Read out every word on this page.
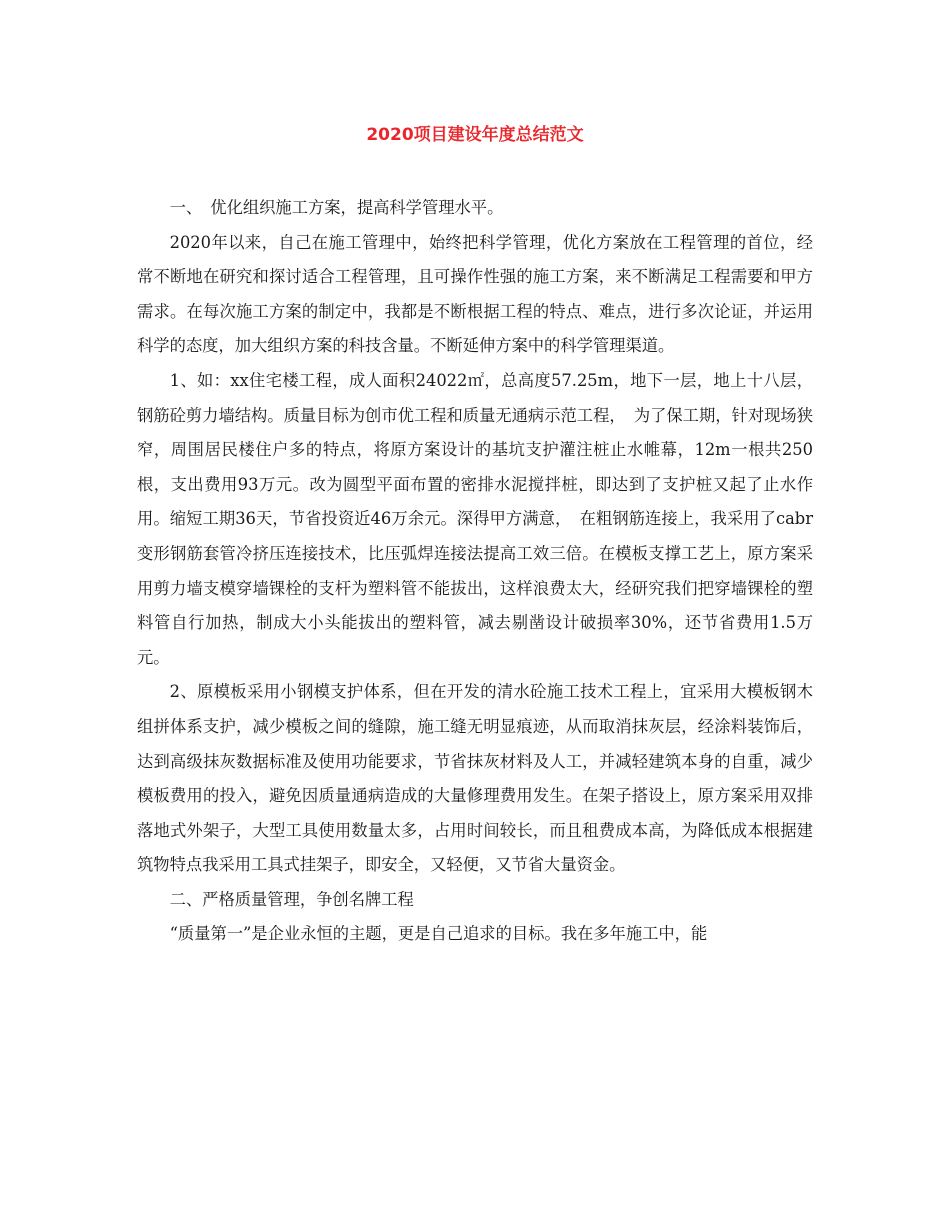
2020项目建设年度总结范文

一、　优化组织施工方案，提高科学管理水平。

2020年以来，自己在施工管理中，始终把科学管理，优化方案放在工程管理的首位，经常不断地在研究和探讨适合工程管理，且可操作性强的施工方案，来不断满足工程需要和甲方需求。在每次施工方案的制定中，我都是不断根据工程的特点、难点，进行多次论证，并运用科学的态度，加大组织方案的科技含量。不断延伸方案中的科学管理渠道。

1、如：xx住宅楼工程，成人面积24022㎡，总高度57.25m，地下一层，地上十八层，钢筋砼剪力墙结构。质量目标为创市优工程和质量无通病示范工程，　为了保工期，针对现场狭窄，周围居民楼住户多的特点，将原方案设计的基坑支护灌注桩止水帷幕，12m一根共250根，支出费用93万元。改为圆型平面布置的密排水泥搅拌桩，即达到了支护桩又起了止水作用。缩短工期36天，节省投资近46万余元。深得甲方满意，　在粗钢筋连接上，我采用了cabr变形钢筋套管冷挤压连接技术，比压弧焊连接法提高工效三倍。在模板支撑工艺上，原方案采用剪力墙支模穿墙锞栓的支杆为塑料管不能拔出，这样浪费太大，经研究我们把穿墙锞栓的塑料管自行加热，制成大小头能拔出的塑料管，减去剔凿设计破损率30%，还节省费用1.5万元。

2、原模板采用小钢模支护体系，但在开发的清水砼施工技术工程上，宜采用大模板钢木组拼体系支护，减少模板之间的缝隙，施工缝无明显痕迹，从而取消抹灰层，经涂料装饰后，达到高级抹灰数据标准及使用功能要求，节省抹灰材料及人工，并减轻建筑本身的自重，减少模板费用的投入，避免因质量通病造成的大量修理费用发生。在架子搭设上，原方案采用双排落地式外架子，大型工具使用数量太多，占用时间较长，而且租费成本高，为降低成本根据建筑物特点我采用工具式挂架子，即安全，又轻便，又节省大量资金。

二、严格质量管理，争创名牌工程

“质量第一”是企业永恒的主题，更是自己追求的目标。我在多年施工中，能
